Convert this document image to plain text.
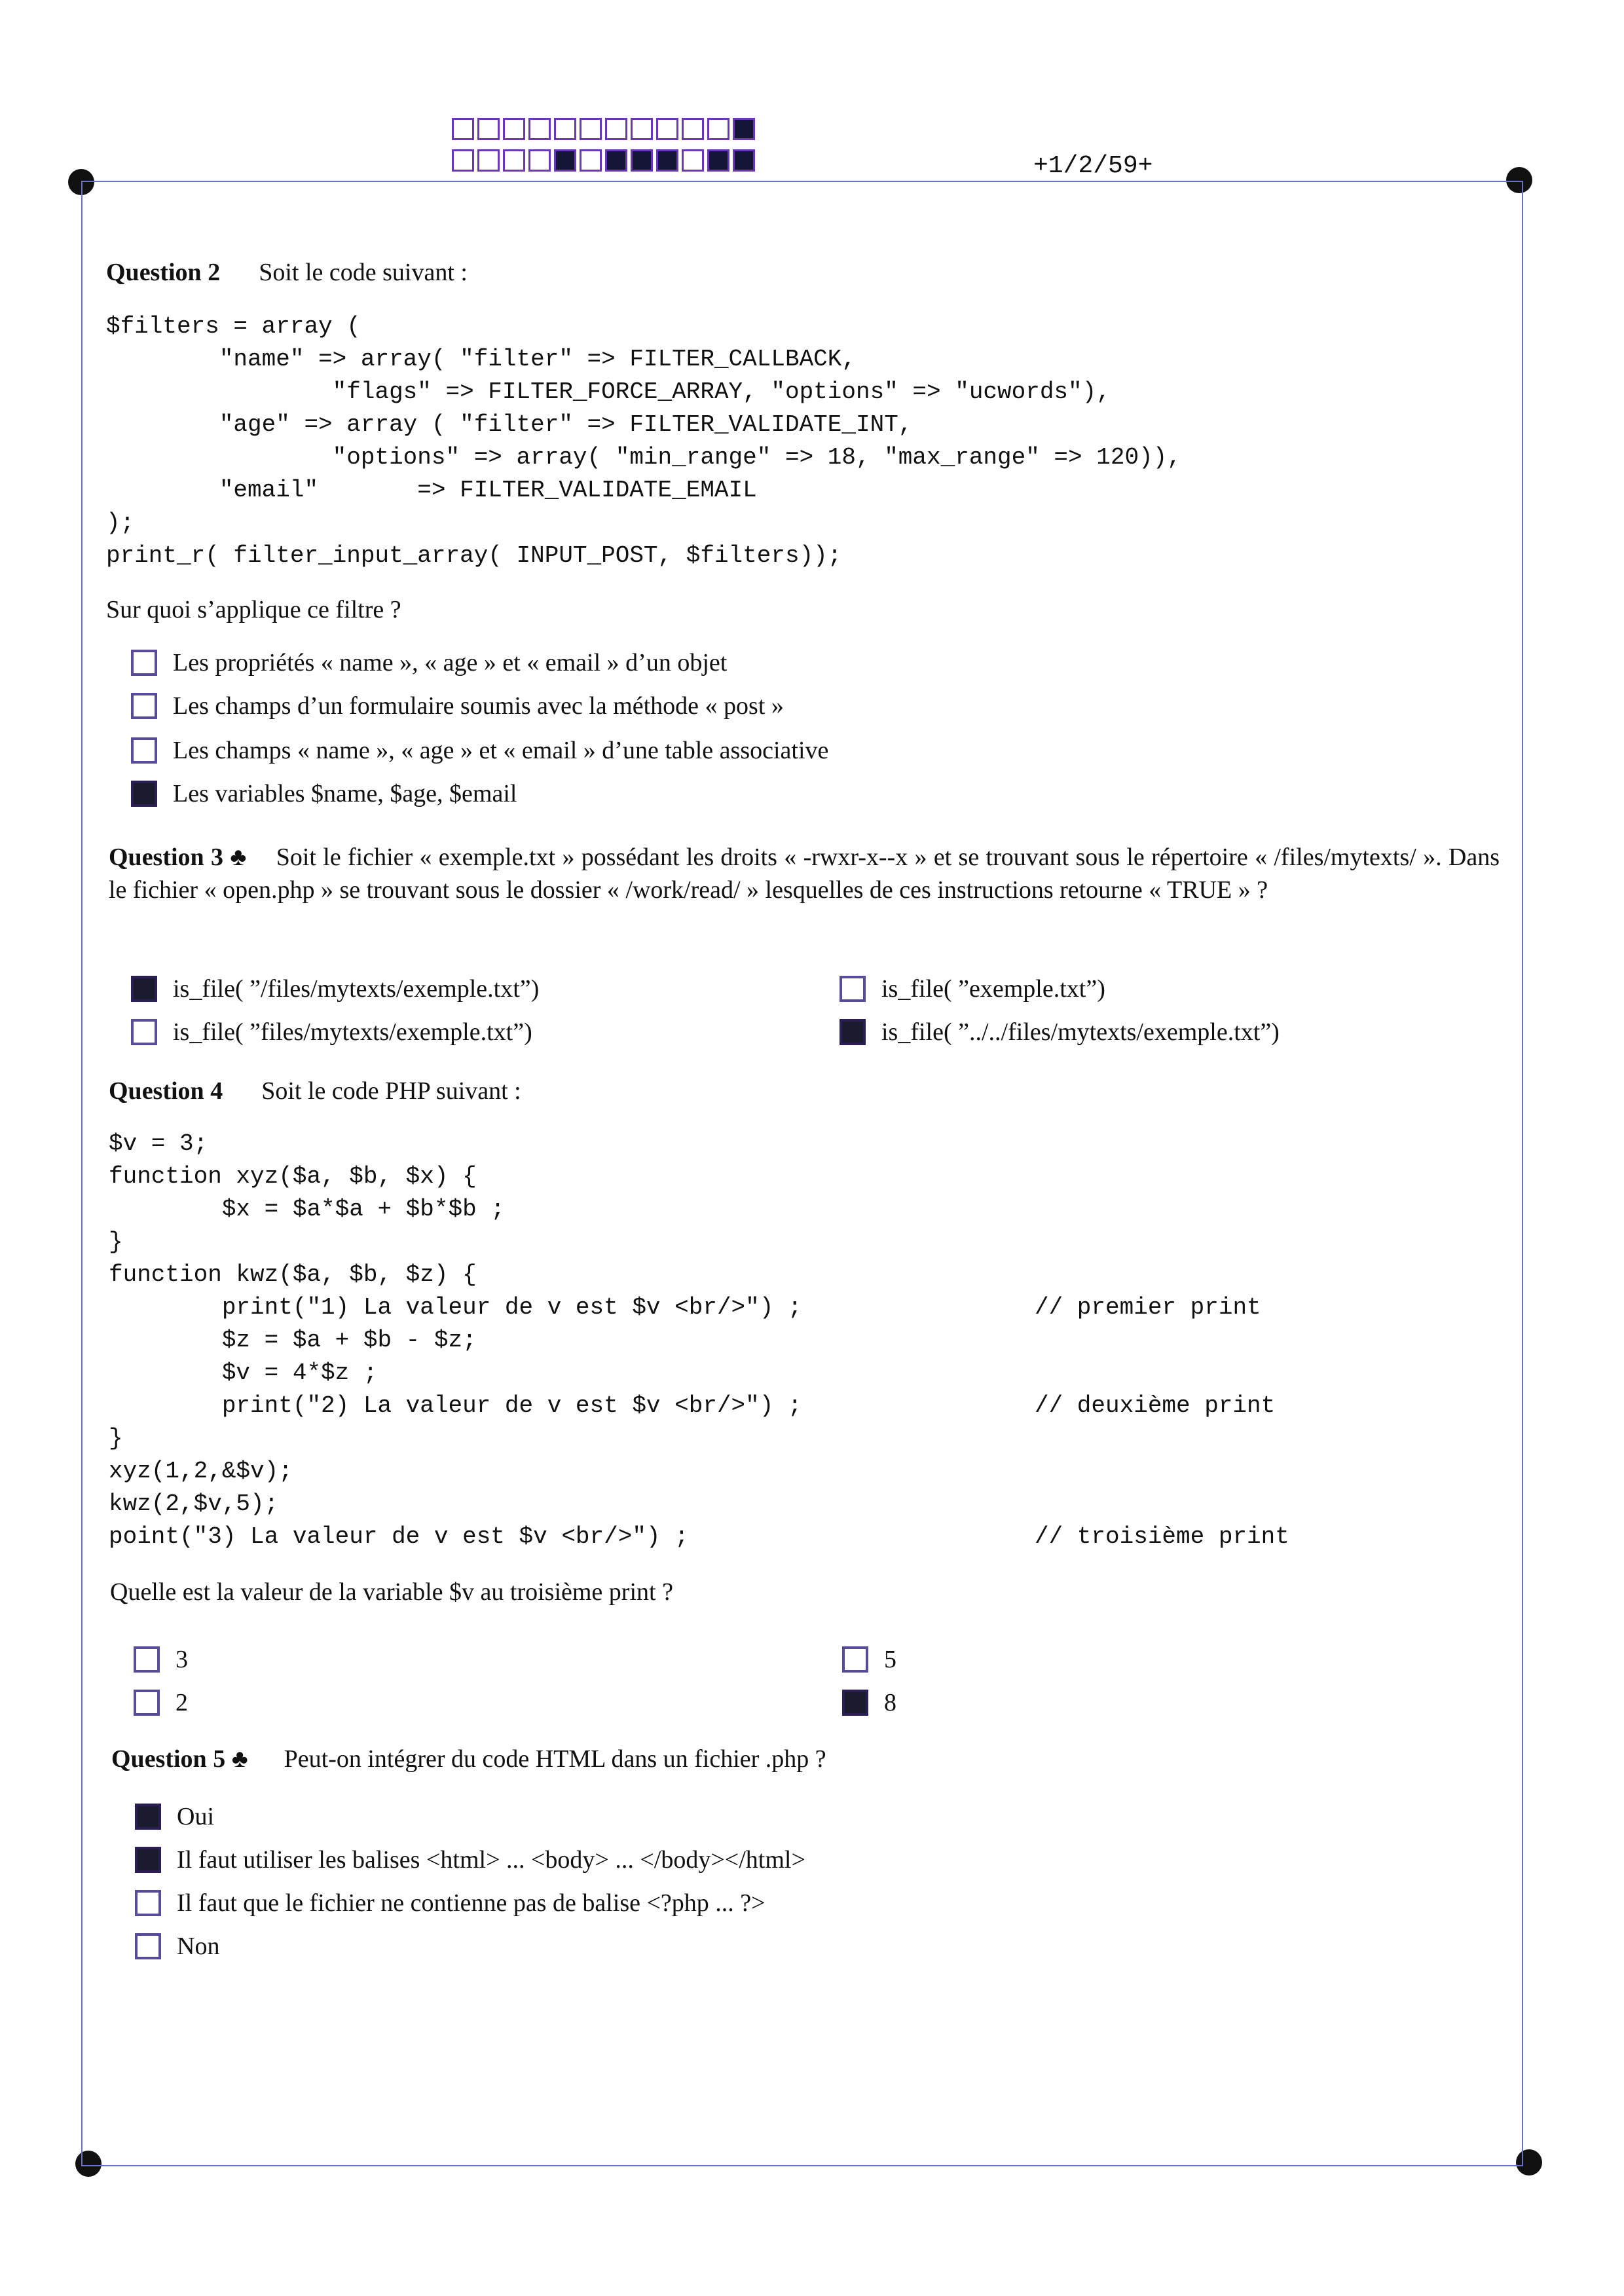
+1/2/59+
Question 2 Soit le code suivant :
$filters = array (
"name" => array( "filter" => FILTER_CALLBACK,
"flags" => FILTER_FORCE_ARRAY, "options" => "ucwords"),
"age" => array ( "filter" => FILTER_VALIDATE_INT,
"options" => array( "min_range" => 18, "max_range" => 120)),
"email"       => FILTER_VALIDATE_EMAIL
);
print_r( filter_input_array( INPUT_POST, $filters));
Sur quoi s’applique ce filtre ?
Les propriétés « name », « age » et « email » d’un objet
Les champs d’un formulaire soumis avec la méthode « post »
Les champs « name », « age » et « email » d’une table associative
Les variables $name, $age, $email
Question 3 ♣ Soit le fichier « exemple.txt » possédant les droits « -rwxr-x--x » et se trouvant sous le répertoire « /files/mytexts/ ». Dans le fichier « open.php » se trouvant sous le dossier « /work/read/ » lesquelles de ces instructions retourne « TRUE » ?
is_file( ”/files/mytexts/exemple.txt”)	is_file( ”exemple.txt”)
is_file( ”files/mytexts/exemple.txt”)	is_file( ”../../files/mytexts/exemple.txt”)
Question 4 Soit le code PHP suivant :
$v = 3;
function xyz($a, $b, $x) {
$x = $a*$a + $b*$b ;
}
function kwz($a, $b, $z) {
print("1) La valeur de v est $v <br/>") ;	// premier print
$z = $a + $b - $z;
$v = 4*$z ;
print("2) La valeur de v est $v <br/>") ;	// deuxième print
}
xyz(1,2,&$v);
kwz(2,$v,5);
point("3) La valeur de v est $v <br/>") ;	// troisième print
Quelle est la valeur de la variable $v au troisième print ?
3	5
2	8
Question 5 ♣ Peut-on intégrer du code HTML dans un fichier .php ?
Oui
Il faut utiliser les balises <html> ... <body> ... </body></html>
Il faut que le fichier ne contienne pas de balise <?php ... ?>
Non
